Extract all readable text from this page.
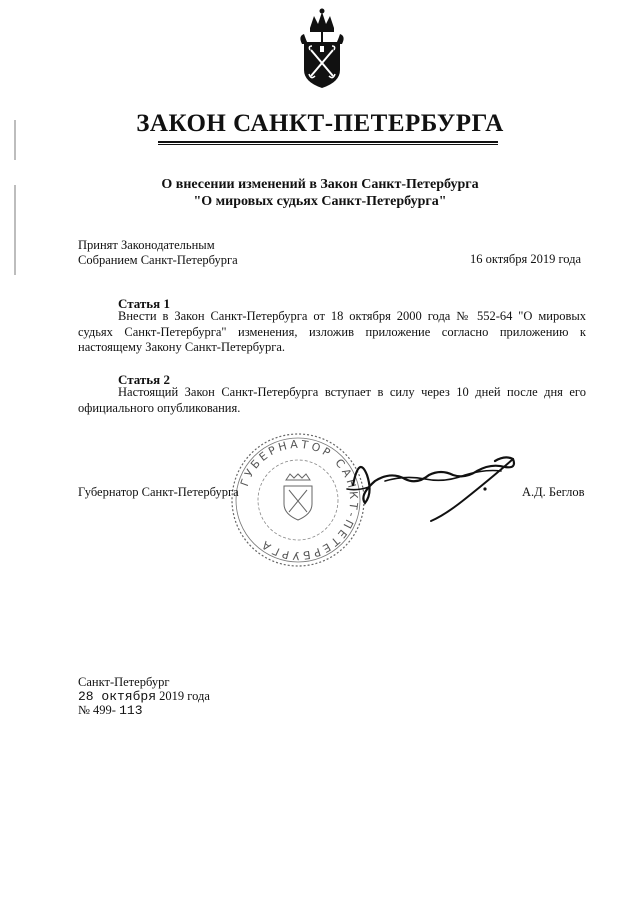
ЗАКОН САНКТ-ПЕТЕРБУРГА
О внесении изменений в Закон Санкт-Петербурга
"О мировых судьях Санкт-Петербурга"
Принят Законодательным
Собранием Санкт-Петербурга	16 октября 2019 года
Статья 1
Внести в Закон Санкт-Петербурга от 18 октября 2000 года № 552-64 "О мировых
судьях Санкт-Петербурга" изменения, изложив приложение согласно приложению к
настоящему Закону Санкт-Петербурга.
Статья 2
Настоящий Закон Санкт-Петербурга вступает в силу через 10 дней после дня его
официального опубликования.
ГУБЕРНАТОР САНКТ-ПЕТЕРБУРГА
Губернатор Санкт-Петербурга	А.Д. Беглов
Санкт-Петербург
28 октября 2019 года
№ 499- 113
